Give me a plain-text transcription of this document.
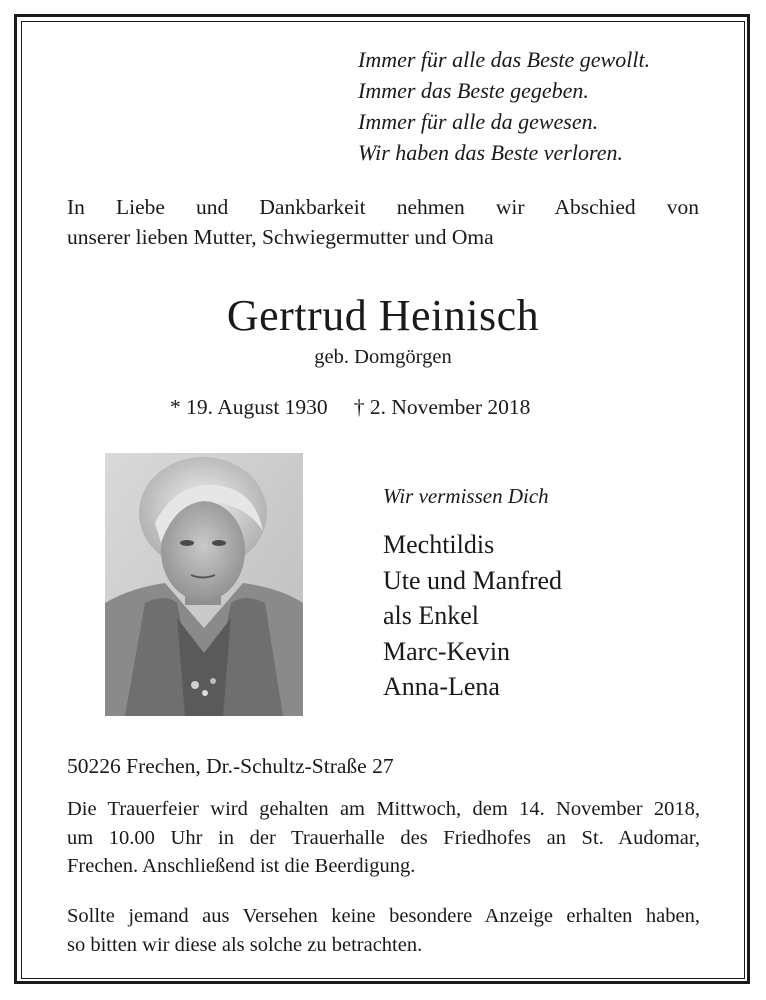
Immer für alle das Beste gewollt.
Immer das Beste gegeben.
Immer für alle da gewesen.
Wir haben das Beste verloren.
In Liebe und Dankbarkeit nehmen wir Abschied von
unserer lieben Mutter, Schwiegermutter und Oma
Gertrud Heinisch
geb. Domgörgen
* 19. August 1930 † 2. November 2018
Wir vermissen Dich
Mechtildis
Ute und Manfred
als Enkel
Marc-Kevin
Anna-Lena
50226 Frechen, Dr.-Schultz-Straße 27
Die Trauerfeier wird gehalten am Mittwoch, dem 14. November 2018,
um 10.00 Uhr in der Trauerhalle des Friedhofes an St. Audomar,
Frechen. Anschließend ist die Beerdigung.
Sollte jemand aus Versehen keine besondere Anzeige erhalten haben,
so bitten wir diese als solche zu betrachten.
